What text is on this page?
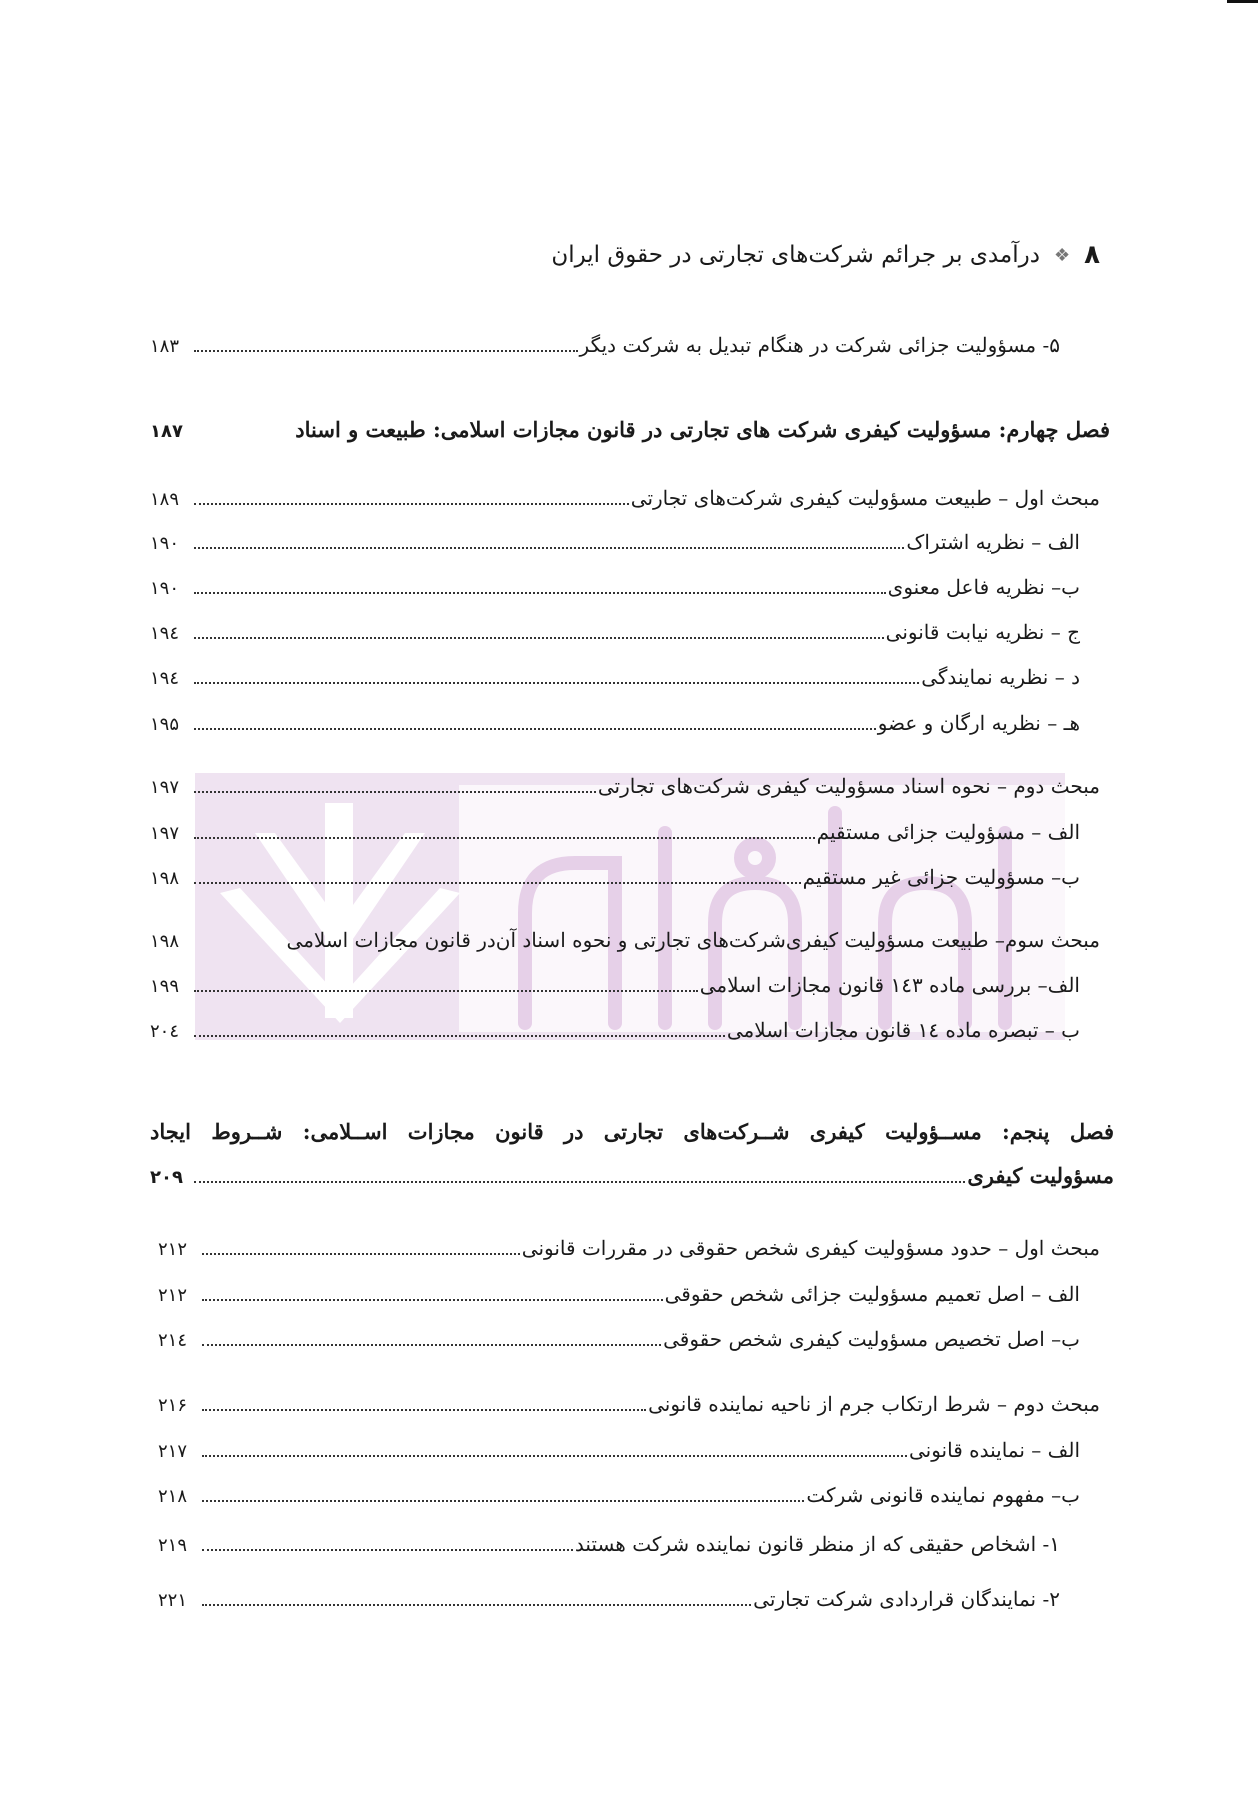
۸
❖
درآمدی بر جرائم شرکت‌های تجارتی در حقوق ایران
۵- مسؤولیت جزائی شرکت در هنگام تبدیل به شرکت دیگر
۱۸۳
فصل چهارم: مسؤولیت کیفری شرکت های تجارتی در قانون مجازات اسلامی: طبیعت و اسناد
۱۸۷
مبحث اول – طبیعت مسؤولیت کیفری شرکت‌های تجارتی
۱۸۹
الف – نظریه اشتراک
۱۹۰
ب– نظریه فاعل معنوی
۱۹۰
ج – نظریه نیابت قانونی
۱۹٤
د – نظریه نمایندگی
۱۹٤
هـ – نظریه ارگان و عضو
۱۹۵
مبحث دوم – نحوه اسناد مسؤولیت کیفری شرکت‌های تجارتی
۱۹۷
الف – مسؤولیت جزائی مستقیم
۱۹۷
ب– مسؤولیت جزائی غیر مستقیم
۱۹۸
مبحث سوم– طبیعت مسؤولیت کیفری‌شرکت‌های تجارتی و نحوه اسناد آن‌در قانون مجازات اسلامی
۱۹۸
الف– بررسی ماده ۱٤۳ قانون مجازات اسلامی
۱۹۹
ب – تبصره ماده ۱٤ قانون مجازات اسلامی
۲۰٤
فصل پنجم: مســؤولیت کیفری شــرکت‌های تجارتی در قانون مجازات اســلامی: شــروط ایجاد
مسؤولیت کیفری
۲۰۹
مبحث اول – حدود مسؤولیت کیفری شخص حقوقی در مقررات قانونی
۲۱۲
الف – اصل تعمیم مسؤولیت جزائی شخص حقوقی
۲۱۲
ب– اصل تخصیص مسؤولیت کیفری شخص حقوقی
۲۱٤
مبحث دوم – شرط ارتکاب جرم از ناحیه نماینده قانونی
۲۱۶
الف – نماینده قانونی
۲۱۷
ب– مفهوم نماینده قانونی شرکت
۲۱۸
۱- اشخاص حقیقی که از منظر قانون نماینده شرکت هستند
۲۱۹
۲- نمایندگان قراردادی شرکت تجارتی
۲۲۱
